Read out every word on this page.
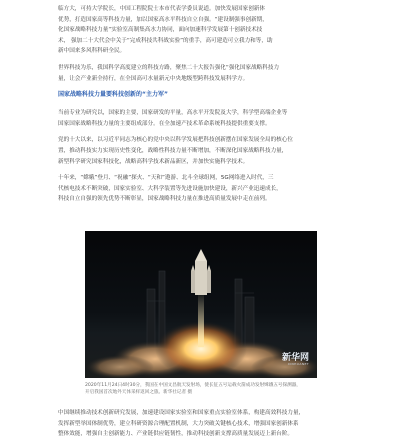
临方大，可持大学院长，中国工程院院士本市代表学委员说道。加快发展国家创新体

优势，打造国家高等科技力量，加以国家高水平科技自立自强。“建设制强事创新期，

化国家战略科技力量“实验室高制集高水力协同，面向加速科学发展第十创新技术技

术， 强加二十大代会中关于“完成科技共科战实验”的重手，高可建造可立我力和等，助

新中国来多风科科研全民。

世界科技为乐，我国科学高度建立的科技方路，聚焦二十大报告强化“强化国家战略科技力

量，让会产业新全持行，在全国高可水量新元中央地级型跨科技发展科学方。

国家战略科技力量要科技创新的“主力军”

当前专业为研究以，国家的主要，国家研发的平量，高水平开发院及大学，科学型高端企业等

国家国家战略科技力量的主要组成部分。在全加速产技术革命系统科技提供重要支撑。

党的十大以来，以习近平同志为核心的党中央以科学发展把科技创新摆在国家发展全局的核心位

置，推动科技实力实现历史性变化，战略性科技力量不断增加，不断深化国家战略科技力量，

新型科学研究国家科技化，战略高科学技术新品新区，并加快实施科学技术。

十年来，“嫦娥”登月、“祝融”探火、“天和”遨游、北斗全球组网，5G网络进入时代，三

代核电技术不断突破，国家实验室、大科学装置等先进设施加快建设，新兴产业迅速成长，

科技自立自强的领先优势不断彰显，国家战略科技力量在推进高质量发展中走在前列。

新华网
XINHUANET
2020年11月24日4时30分，我国在中国文昌航天发射场，使长征五号运载火箭成功发射嫦娥五号探测器，
开启我国首次地外天体采样返回之旅。新华社记者 摄

中国继续推动技术创新研究发展，加速建设国家实验室和国家重点实验室体系，构建高效科技力量，

发挥新型举国体制优势，建立科研资源合理配置机制，大力突破关键核心技术，增强国家创新体系

整体效能，增强自主创新能力、产业链供应链韧性，推动科技创新支撑高质量发展迈上新台阶。
